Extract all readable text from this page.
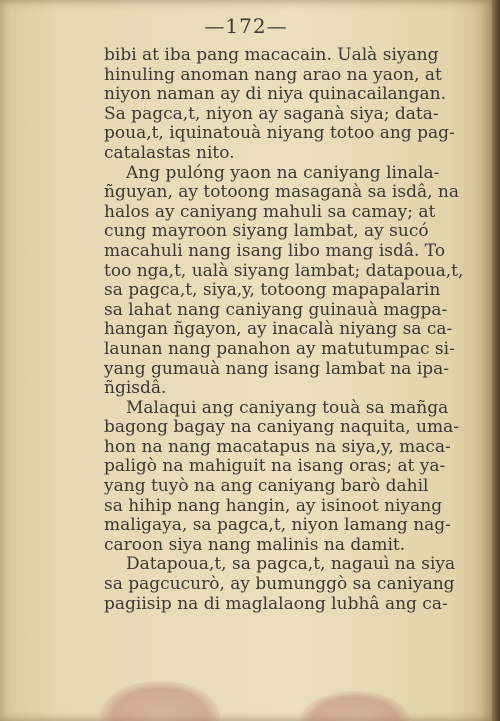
—172—

bibi at iba pang macacain. Ualà siyang
hinuling anoman nang arao na yaon, at
niyon naman ay di niya quinacailangan.
Sa pagca,t, niyon ay saganà siya; data-
poua,t, iquinatouà niyang totoo ang pag-
catalastas nito.

Ang pulóng yaon na caniyang linala-
ñguyan, ay totoong masaganà sa isdâ, na
halos ay caniyang mahuli sa camay; at
cung mayroon siyang lambat, ay sucó
macahuli nang isang libo mang isdâ. To
too nga,t, ualà siyang lambat; datapoua,t,
sa pagca,t, siya,y, totoong mapapalarin
sa lahat nang caniyang guinauà magpa-
hangan ñgayon, ay inacalà niyang sa ca-
launan nang panahon ay matutumpac si-
yang gumauà nang isang lambat na ipa-
ñgisdâ.

Malaqui ang caniyang touà sa mañga
bagong bagay na caniyang naquita, uma-
hon na nang macatapus na siya,y, maca-
paligò na mahiguit na isang oras; at ya-
yang tuyò na ang caniyang barò dahil
sa hihip nang hangin, ay isinoot niyang
maligaya, sa pagca,t, niyon lamang nag-
caroon siya nang malinis na damit.

Datapoua,t, sa pagca,t, nagauì na siya
sa pagcucurò, ay bumunggò sa caniyang
pagiisip na di maglalaong lubhâ ang ca-
